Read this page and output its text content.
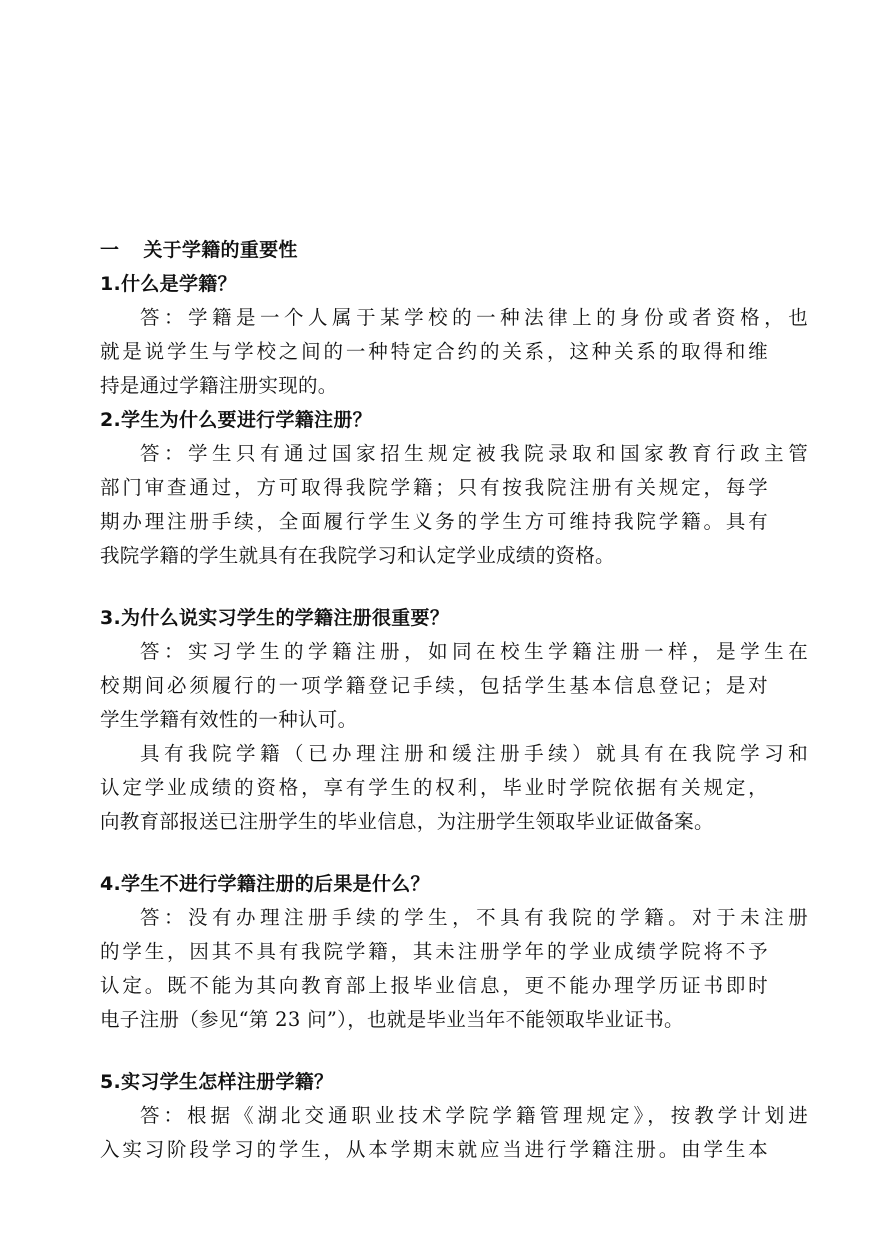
一 关于学籍的重要性
1.什么是学籍？
答：学籍是一个人属于某学校的一种法律上的身份或者资格，也
就是说学生与学校之间的一种特定合约的关系，这种关系的取得和维
持是通过学籍注册实现的。
2.学生为什么要进行学籍注册？
答：学生只有通过国家招生规定被我院录取和国家教育行政主管
部门审查通过，方可取得我院学籍；只有按我院注册有关规定，每学
期办理注册手续，全面履行学生义务的学生方可维持我院学籍。具有
我院学籍的学生就具有在我院学习和认定学业成绩的资格。
3.为什么说实习学生的学籍注册很重要？
答：实习学生的学籍注册，如同在校生学籍注册一样，是学生在
校期间必须履行的一项学籍登记手续，包括学生基本信息登记；是对
学生学籍有效性的一种认可。
具有我院学籍（已办理注册和缓注册手续）就具有在我院学习和
认定学业成绩的资格，享有学生的权利，毕业时学院依据有关规定，
向教育部报送已注册学生的毕业信息，为注册学生领取毕业证做备案。
4.学生不进行学籍注册的后果是什么？
答：没有办理注册手续的学生，不具有我院的学籍。对于未注册
的学生，因其不具有我院学籍，其未注册学年的学业成绩学院将不予
认定。既不能为其向教育部上报毕业信息，更不能办理学历证书即时
电子注册（参见“第 23 问”），也就是毕业当年不能领取毕业证书。
5.实习学生怎样注册学籍？
答：根据《湖北交通职业技术学院学籍管理规定》，按教学计划进
入实习阶段学习的学生，从本学期末就应当进行学籍注册。由学生本
